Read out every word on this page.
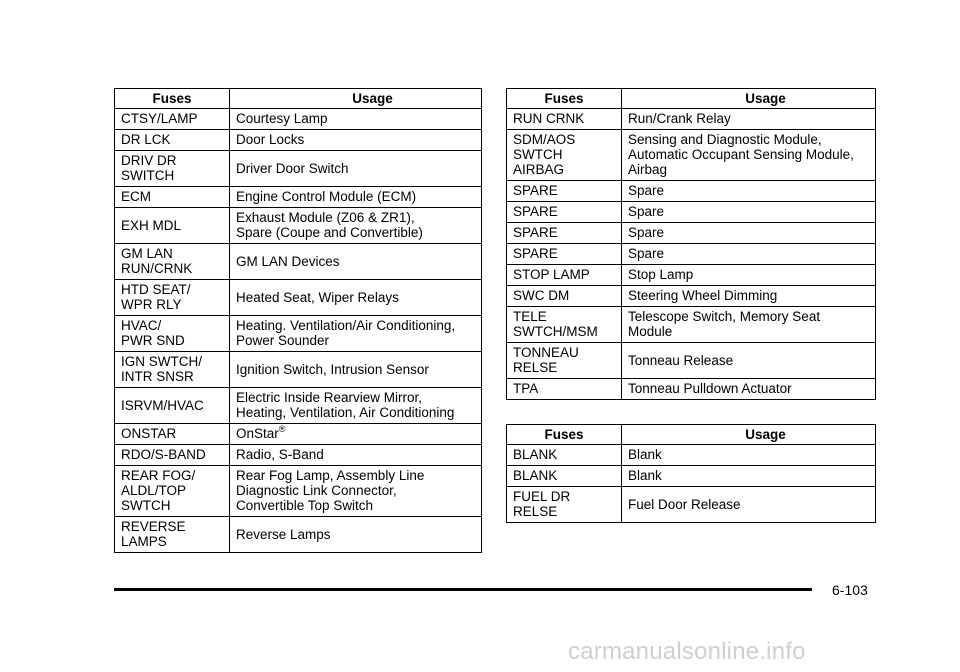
Fuses	Usage
CTSY/LAMP	Courtesy Lamp
DR LCK	Door Locks
DRIV DR
SWITCH	Driver Door Switch
ECM	Engine Control Module (ECM)
EXH MDL	Exhaust Module (Z06 & ZR1),
Spare (Coupe and Convertible)
GM LAN
RUN/CRNK	GM LAN Devices
HTD SEAT/
WPR RLY	Heated Seat, Wiper Relays
HVAC/
PWR SND	Heating. Ventilation/Air Conditioning,
Power Sounder
IGN SWTCH/
INTR SNSR	Ignition Switch, Intrusion Sensor
ISRVM/HVAC	Electric Inside Rearview Mirror,
Heating, Ventilation, Air Conditioning
ONSTAR	OnStar®
RDO/S-BAND	Radio, S-Band
REAR FOG/
ALDL/TOP
SWTCH	Rear Fog Lamp, Assembly Line
Diagnostic Link Connector,
Convertible Top Switch
REVERSE
LAMPS	Reverse Lamps
Fuses	Usage
RUN CRNK	Run/Crank Relay
SDM/AOS
SWTCH
AIRBAG	Sensing and Diagnostic Module,
Automatic Occupant Sensing Module,
Airbag
SPARE	Spare
SPARE	Spare
SPARE	Spare
SPARE	Spare
STOP LAMP	Stop Lamp
SWC DM	Steering Wheel Dimming
TELE
SWTCH/MSM	Telescope Switch, Memory Seat
Module
TONNEAU
RELSE	Tonneau Release
TPA	Tonneau Pulldown Actuator
Fuses	Usage
BLANK	Blank
BLANK	Blank
FUEL DR
RELSE	Fuel Door Release
6-103
carmanualsonline.info
